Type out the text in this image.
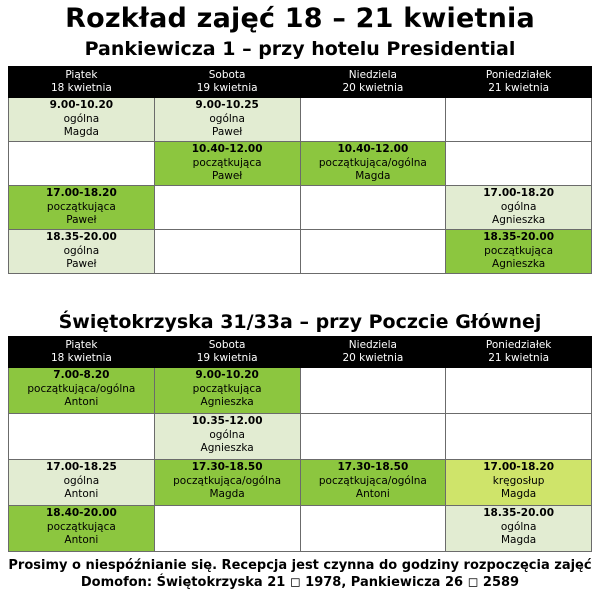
Rozkład zajęć 18 – 21 kwietnia
Pankiewicza 1 – przy hotelu Presidential
Piątek
18 kwietnia	Sobota
19 kwietnia	Niedziela
20 kwietnia	Poniedziałek
21 kwietnia

9.00-10.20
ogólna
Magda	9.00-10.25
ogólna
Paweł		

	10.40-12.00
początkująca
Paweł	10.40-12.00
początkująca/ogólna
Magda	

17.00-18.20
początkująca
Paweł			17.00-18.20
ogólna
Agnieszka

18.35-20.00
ogólna
Paweł			18.35-20.00
początkująca
Agnieszka
Świętokrzyska 31/33a – przy Poczcie Głównej
Piątek
18 kwietnia	Sobota
19 kwietnia	Niedziela
20 kwietnia	Poniedziałek
21 kwietnia

7.00-8.20
początkująca/ogólna
Antoni	9.00-10.20
początkująca
Agnieszka		

	10.35-12.00
ogólna
Agnieszka		

17.00-18.25
ogólna
Antoni	17.30-18.50
początkująca/ogólna
Magda	17.30-18.50
początkująca/ogólna
Antoni	17.00-18.20
kręgosłup
Magda

18.40-20.00
początkująca
Antoni			18.35-20.00
ogólna
Magda
Prosimy o niespóźnianie się. Recepcja jest czynna do godziny rozpoczęcia zajęć
Domofon: Świętokrzyska 21 ◻ 1978, Pankiewicza 26 ◻ 2589
